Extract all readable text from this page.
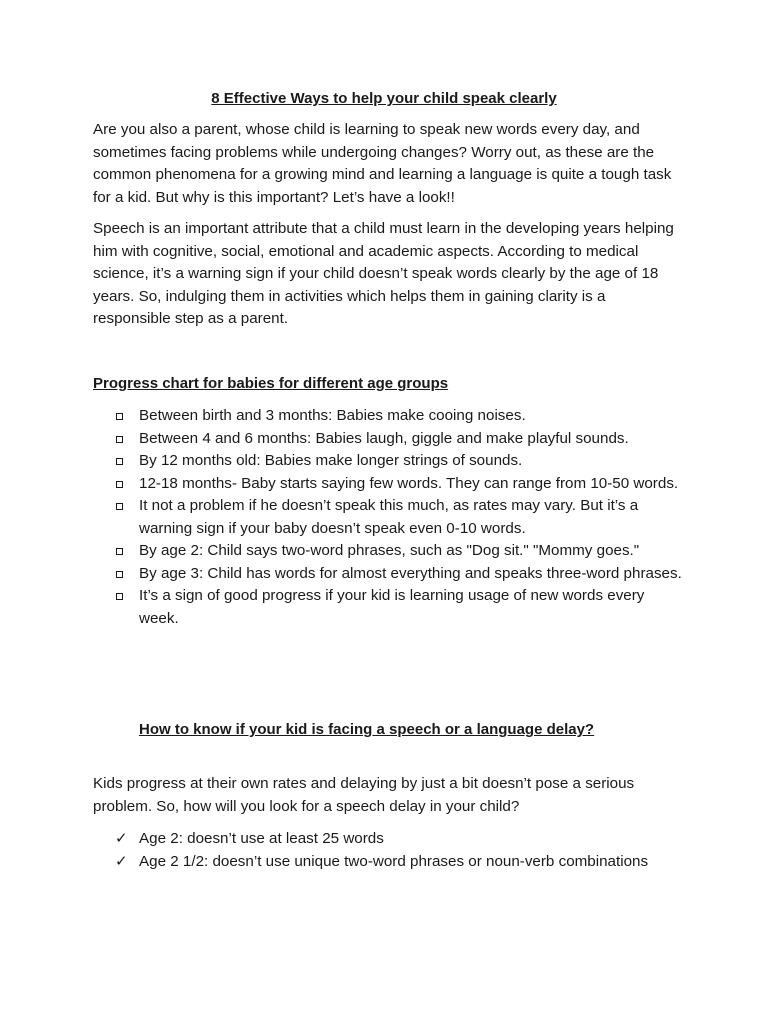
8 Effective Ways to help your child speak clearly

Are you also a parent, whose child is learning to speak new words every day, and sometimes facing problems while undergoing changes? Worry out, as these are the common phenomena for a growing mind and learning a language is quite a tough task for a kid. But why is this important? Let’s have a look!!

Speech is an important attribute that a child must learn in the developing years helping him with cognitive, social, emotional and academic aspects. According to medical science, it’s a warning sign if your child doesn’t speak words clearly by the age of 18 years. So, indulging them in activities which helps them in gaining clarity is a responsible step as a parent.

Progress chart for babies for different age groups
Between birth and 3 months: Babies make cooing noises.
Between 4 and 6 months: Babies laugh, giggle and make playful sounds.
By 12 months old: Babies make longer strings of sounds.
12-18 months- Baby starts saying few words. They can range from 10-50 words.
It not a problem if he doesn’t speak this much, as rates may vary. But it’s a warning sign if your baby doesn’t speak even 0-10 words.
By age 2: Child says two-word phrases, such as "Dog sit." "Mommy goes."
By age 3: Child has words for almost everything and speaks three-word phrases.
It’s a sign of good progress if your kid is learning usage of new words every week.
How to know if your kid is facing a speech or a language delay?

Kids progress at their own rates and delaying by just a bit doesn’t pose a serious problem. So, how will you look for a speech delay in your child?

✓ Age 2: doesn’t use at least 25 words
✓ Age 2 1/2: doesn’t use unique two-word phrases or noun-verb combinations
